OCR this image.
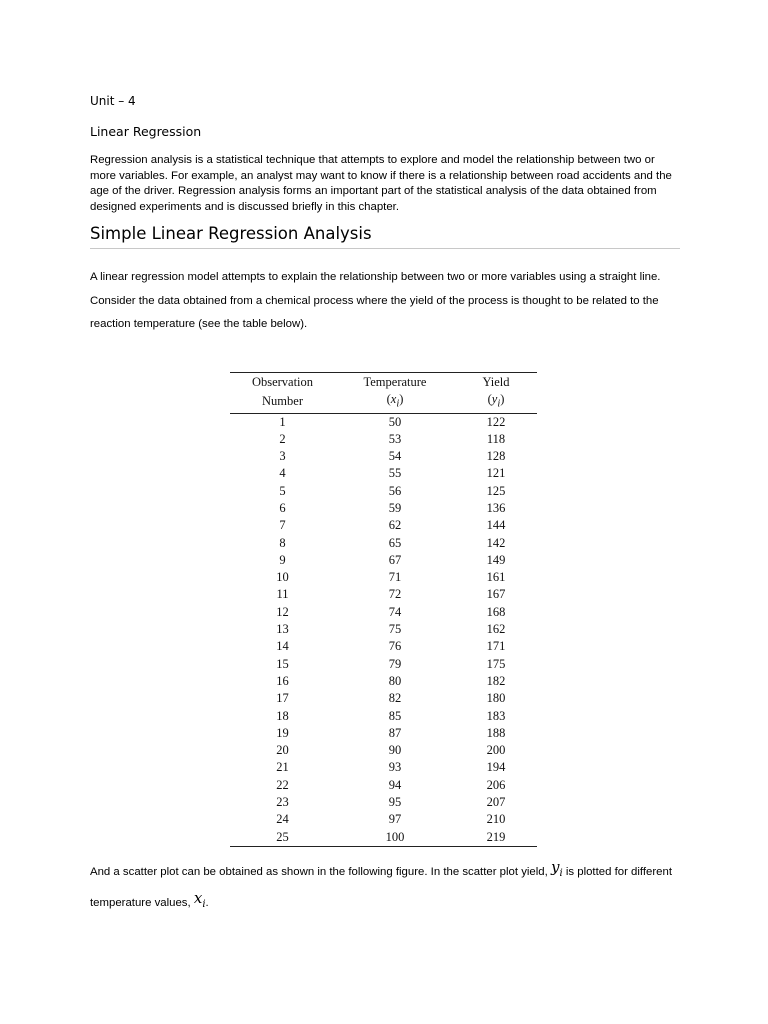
Unit – 4
Linear Regression

Regression analysis is a statistical technique that attempts to explore and model the relationship between two or more variables. For example, an analyst may want to know if there is a relationship between road accidents and the age of the driver. Regression analysis forms an important part of the statistical analysis of the data obtained from designed experiments and is discussed briefly in this chapter.

Simple Linear Regression Analysis

A linear regression model attempts to explain the relationship between two or more variables using a straight line. Consider the data obtained from a chemical process where the yield of the process is thought to be related to the reaction temperature (see the table below).

Observation	Temperature	Yield
Number	$(x_i)$	$(y_i)$
1	50	122
2	53	118
3	54	128
4	55	121
5	56	125
6	59	136
7	62	144
8	65	142
9	67	149
10	71	161
11	72	167
12	74	168
13	75	162
14	76	171
15	79	175
16	80	182
17	82	180
18	85	183
19	87	188
20	90	200
21	93	194
22	94	206
23	95	207
24	97	210
25	100	219

And a scatter plot can be obtained as shown in the following figure. In the scatter plot yield, $y_i$ is plotted for different temperature values, $x_i$.
